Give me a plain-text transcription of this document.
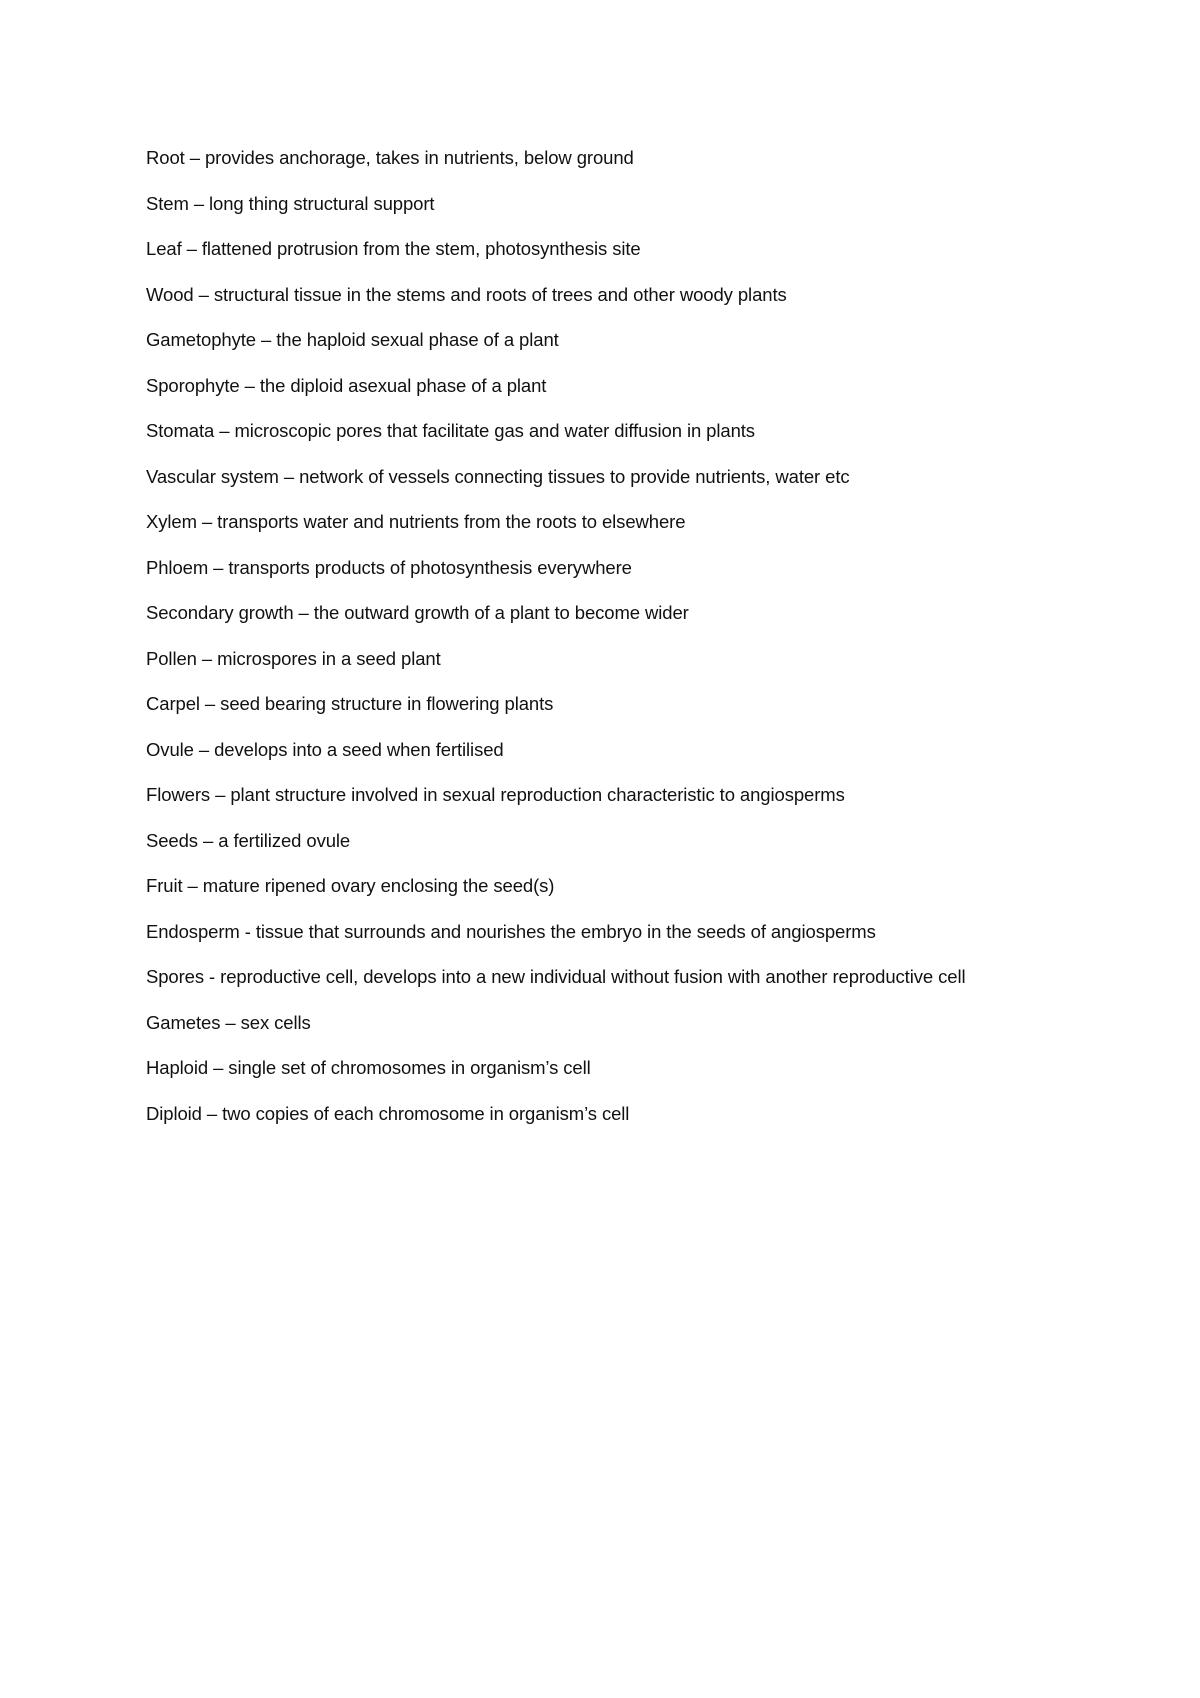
Root – provides anchorage, takes in nutrients, below ground

Stem – long thing structural support

Leaf – flattened protrusion from the stem, photosynthesis site

Wood – structural tissue in the stems and roots of trees and other woody plants

Gametophyte – the haploid sexual phase of a plant

Sporophyte – the diploid asexual phase of a plant

Stomata – microscopic pores that facilitate gas and water diffusion in plants

Vascular system – network of vessels connecting tissues to provide nutrients, water etc

Xylem – transports water and nutrients from the roots to elsewhere

Phloem – transports products of photosynthesis everywhere

Secondary growth – the outward growth of a plant to become wider

Pollen – microspores in a seed plant

Carpel – seed bearing structure in flowering plants

Ovule – develops into a seed when fertilised

Flowers – plant structure involved in sexual reproduction characteristic to angiosperms

Seeds – a fertilized ovule

Fruit – mature ripened ovary enclosing the seed(s)

Endosperm - tissue that surrounds and nourishes the embryo in the seeds of angiosperms

Spores - reproductive cell, develops into a new individual without fusion with another reproductive cell

Gametes – sex cells

Haploid – single set of chromosomes in organism’s cell

Diploid – two copies of each chromosome in organism’s cell
